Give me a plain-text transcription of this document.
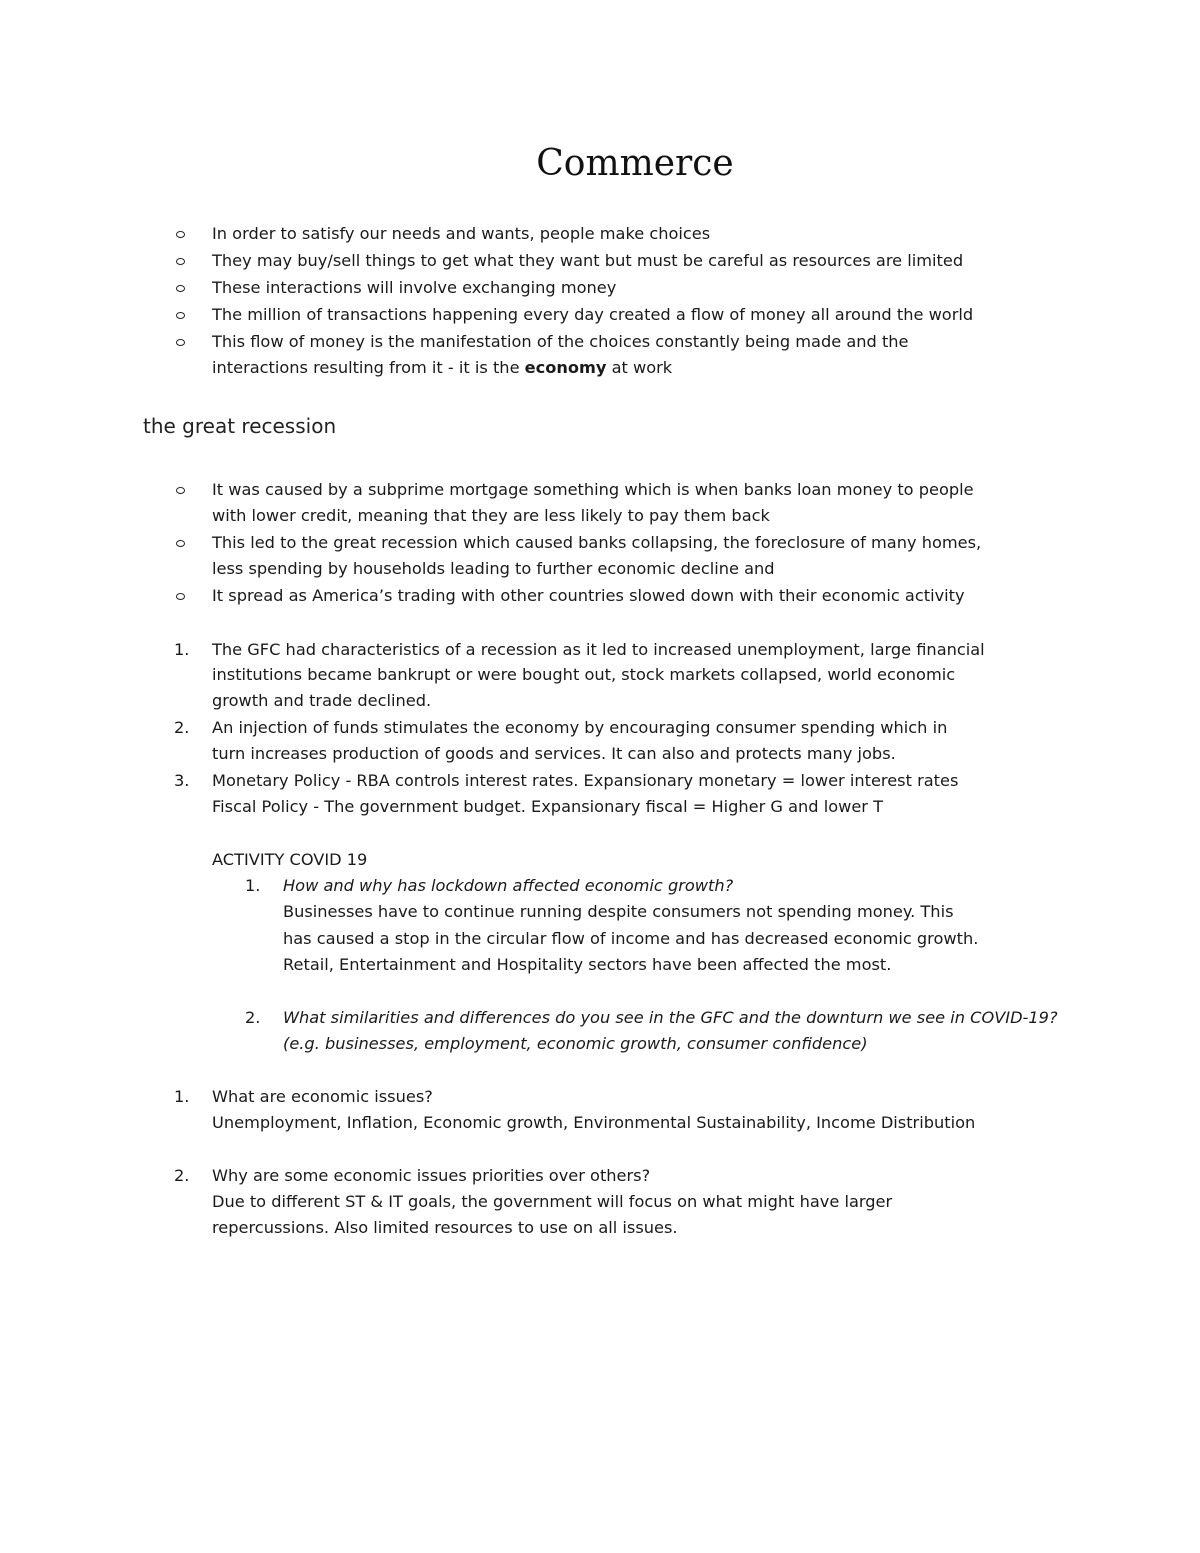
Commerce
In order to satisfy our needs and wants, people make choices
They may buy/sell things to get what they want but must be careful as resources are limited
These interactions will involve exchanging money
The million of transactions happening every day created a flow of money all around the world
This flow of money is the manifestation of the choices constantly being made and the
interactions resulting from it - it is the economy at work
the great recession
It was caused by a subprime mortgage something which is when banks loan money to people
with lower credit, meaning that they are less likely to pay them back
This led to the great recession which caused banks collapsing, the foreclosure of many homes,
less spending by households leading to further economic decline and
It spread as America’s trading with other countries slowed down with their economic activity
1. The GFC had characteristics of a recession as it led to increased unemployment, large financial
institutions became bankrupt or were bought out, stock markets collapsed, world economic
growth and trade declined.
2. An injection of funds stimulates the economy by encouraging consumer spending which in
turn increases production of goods and services. It can also and protects many jobs.
3. Monetary Policy - RBA controls interest rates. Expansionary monetary = lower interest rates
Fiscal Policy - The government budget. Expansionary fiscal = Higher G and lower T
ACTIVITY COVID 19
1. How and why has lockdown affected economic growth?
Businesses have to continue running despite consumers not spending money. This
has caused a stop in the circular flow of income and has decreased economic growth.
Retail, Entertainment and Hospitality sectors have been affected the most.
2. What similarities and differences do you see in the GFC and the downturn we see in COVID-19?
(e.g. businesses, employment, economic growth, consumer confidence)
1. What are economic issues?
Unemployment, Inflation, Economic growth, Environmental Sustainability, Income Distribution
2. Why are some economic issues priorities over others?
Due to different ST & IT goals, the government will focus on what might have larger
repercussions. Also limited resources to use on all issues.
